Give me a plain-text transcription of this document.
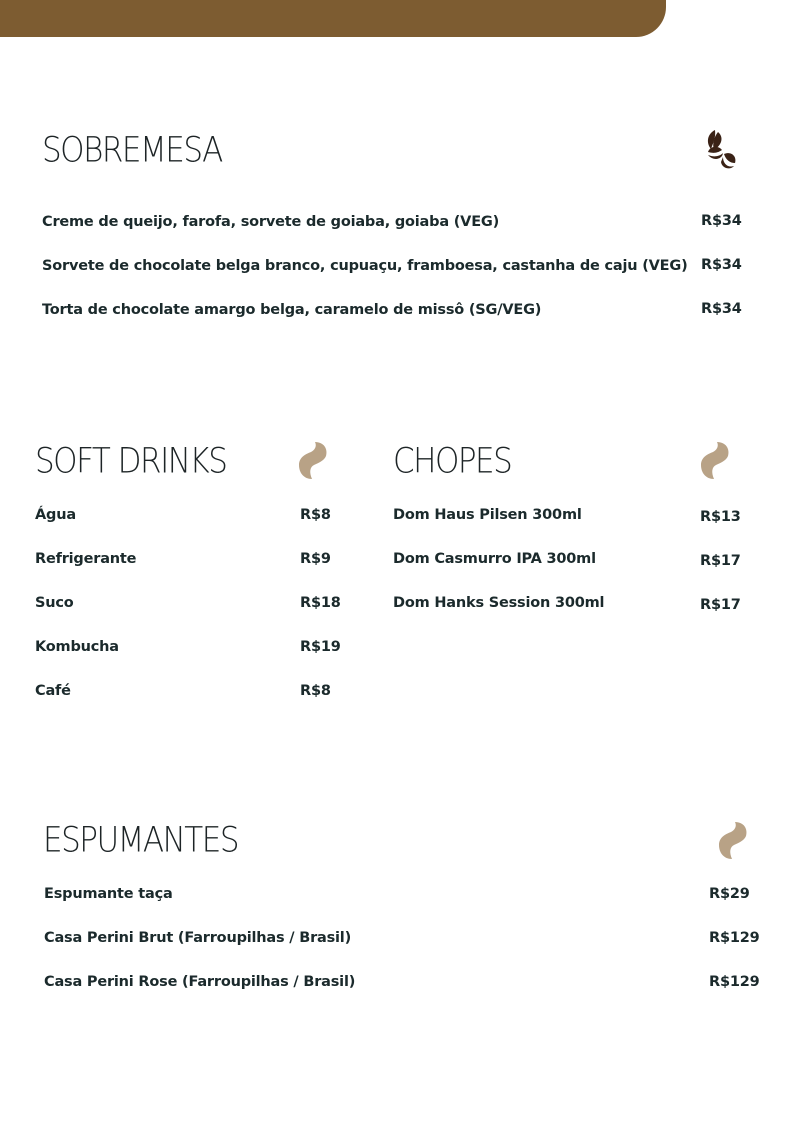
SOBREMESA

Creme de queijo, farofa, sorvete de goiaba, goiaba (VEG)	R$34

Sorvete de chocolate belga branco, cupuaçu, framboesa, castanha de caju (VEG) R$34

Torta de chocolate amargo belga, caramelo de missô (SG/VEG)	R$34

SOFT DRINKS

Água	R$8

Refrigerante	R$9

Suco	R$18

Kombucha	R$19

Café	R$8

CHOPES

Dom Haus Pilsen 300ml	R$13

Dom Casmurro IPA 300ml	R$17

Dom Hanks Session 300ml	R$17

ESPUMANTES

Espumante taça	R$29

Casa Perini Brut (Farroupilhas / Brasil)	R$129

Casa Perini Rose (Farroupilhas / Brasil)	R$129
